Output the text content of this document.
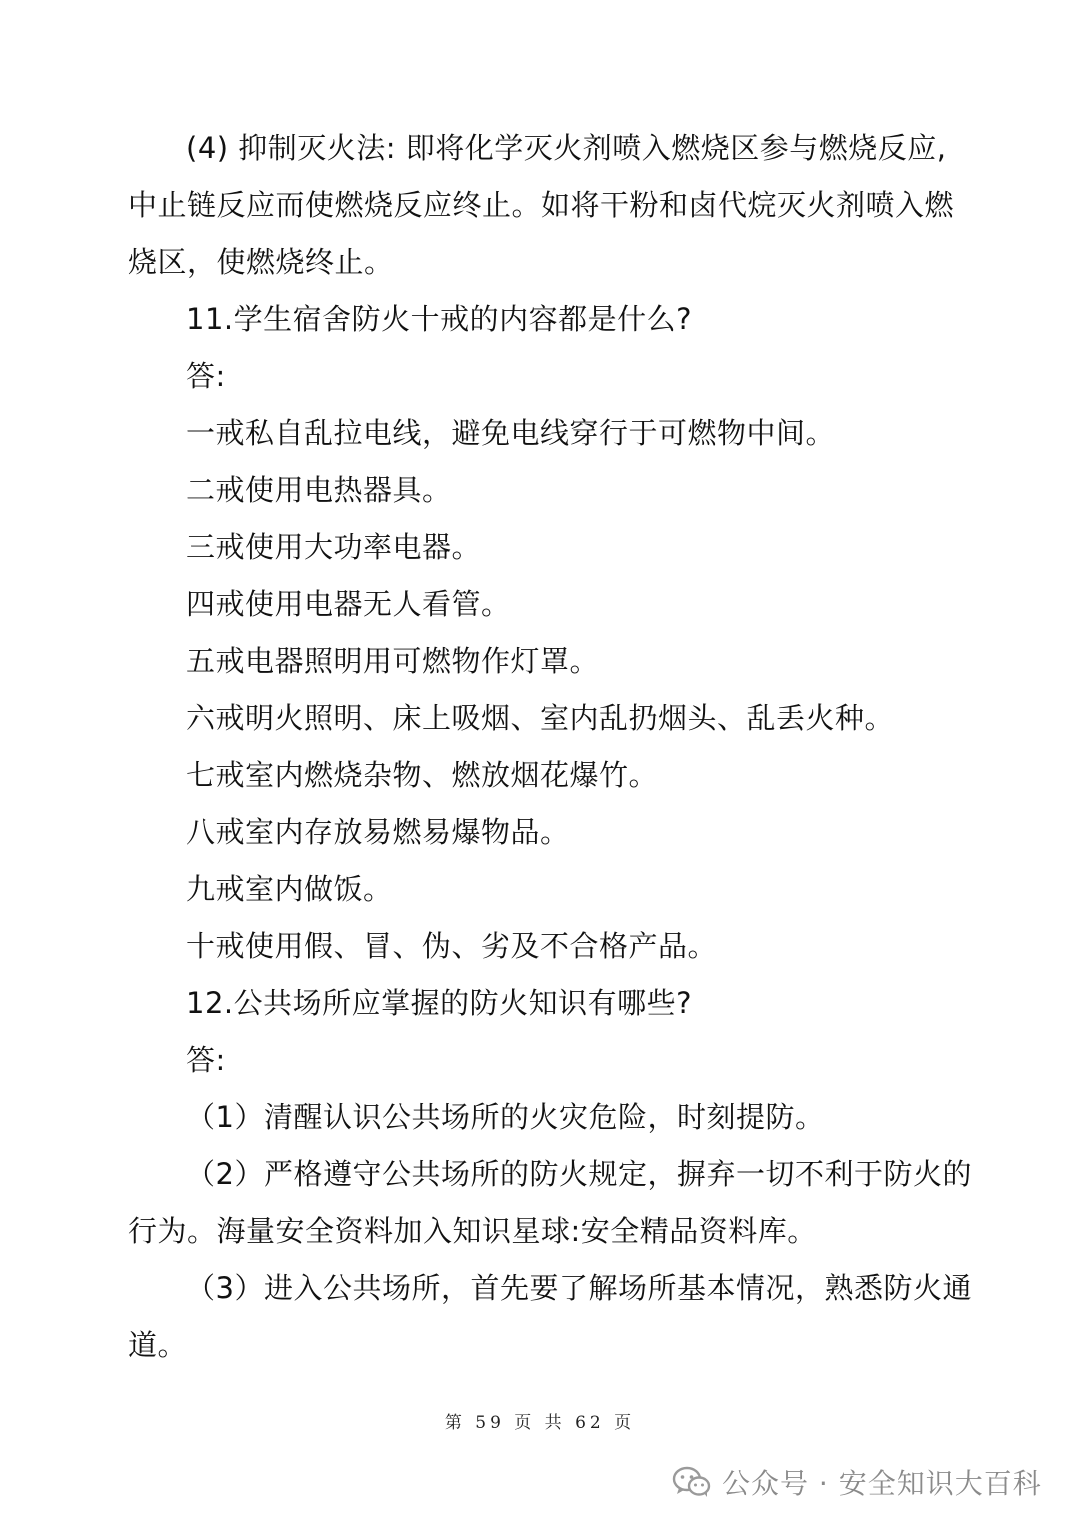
(4) 抑制灭火法: 即将化学灭火剂喷入燃烧区参与燃烧反应,
中止链反应而使燃烧反应终止。如将干粉和卤代烷灭火剂喷入燃
烧区，使燃烧终止。
11.学生宿舍防火十戒的内容都是什么?
答:
一戒私自乱拉电线，避免电线穿行于可燃物中间。
二戒使用电热器具。
三戒使用大功率电器。
四戒使用电器无人看管。
五戒电器照明用可燃物作灯罩。
六戒明火照明、床上吸烟、室内乱扔烟头、乱丢火种。
七戒室内燃烧杂物、燃放烟花爆竹。
八戒室内存放易燃易爆物品。
九戒室内做饭。
十戒使用假、冒、伪、劣及不合格产品。
12.公共场所应掌握的防火知识有哪些?
答:
（1）清醒认识公共场所的火灾危险，时刻提防。
（2）严格遵守公共场所的防火规定，摒弃一切不利于防火的
行为。海量安全资料加入知识星球:安全精品资料库。
（3）进入公共场所，首先要了解场所基本情况，熟悉防火通
道。
第 59 页 共 62 页
公众号 · 安全知识大百科
